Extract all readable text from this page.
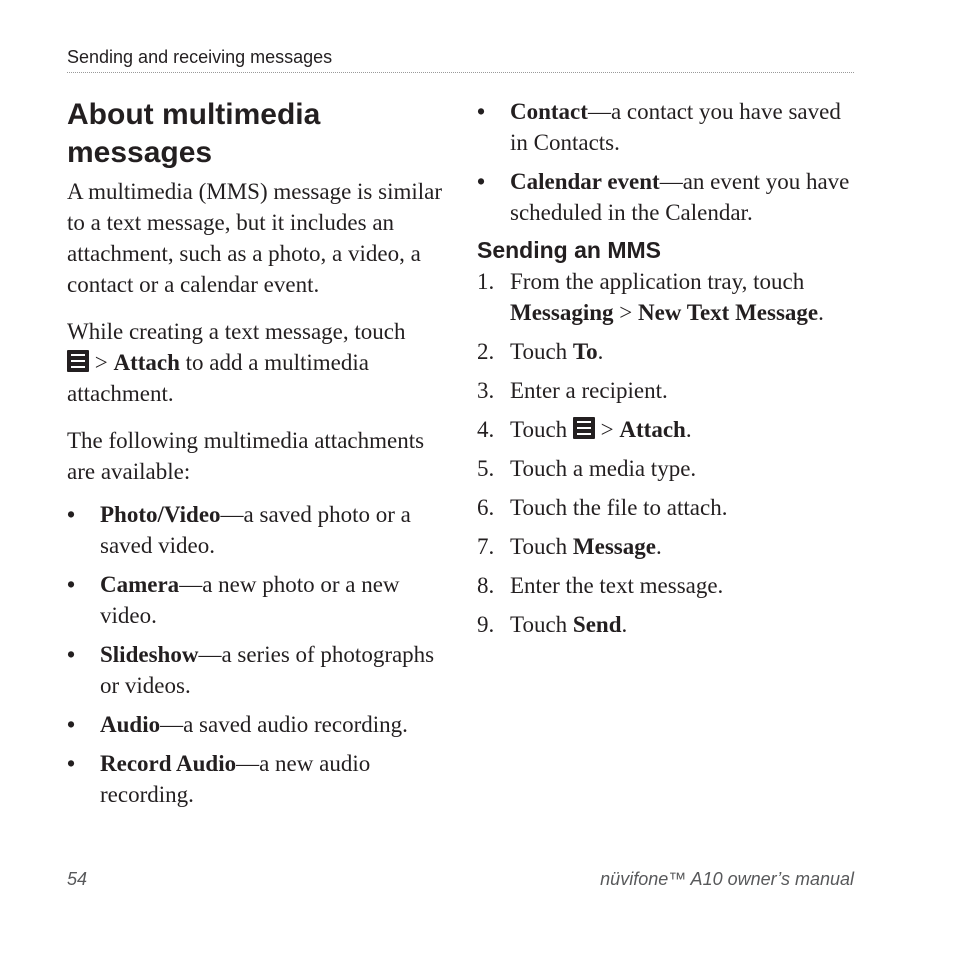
Sending and receiving messages
About multimedia messages

A multimedia (MMS) message is similar to a text message, but it includes an attachment, such as a photo, a video, a contact or a calendar event.

While creating a text message, touch

> Attach to add a multimedia attachment.

The following multimedia attachments are available:

• Photo/Video—a saved photo or a saved video.
• Camera—a new photo or a new video.
• Slideshow—a series of photographs or videos.
• Audio—a saved audio recording.
• Record Audio—a new audio recording.
• Contact—a contact you have saved in Contacts.
• Calendar event—an event you have scheduled in the Calendar.
Sending an MMS
1. From the application tray, touch Messaging > New Text Message.
2. Touch To.
3. Enter a recipient.
4. Touch
> Attach.
5. Touch a media type.
6. Touch the file to attach.
7. Touch Message.
8. Enter the text message.
9. Touch Send.
54	nüvifone™ A10 owner’s manual
